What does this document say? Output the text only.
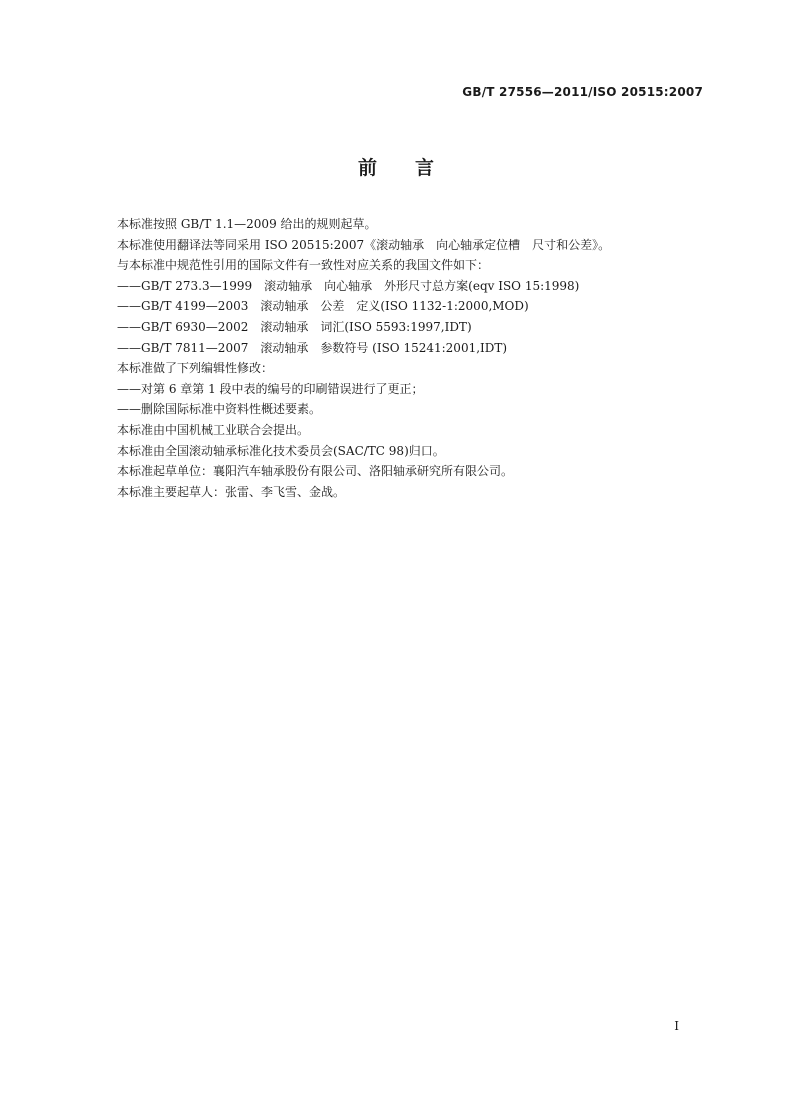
GB/T 27556—2011/ISO 20515:2007
前言
本标准按照 GB/T 1.1—2009 给出的规则起草。
本标准使用翻译法等同采用 ISO 20515:2007《滚动轴承　向心轴承定位槽　尺寸和公差》。
与本标准中规范性引用的国际文件有一致性对应关系的我国文件如下：
——GB/T 273.3—1999　滚动轴承　向心轴承　外形尺寸总方案(eqv ISO 15:1998)
——GB/T 4199—2003　滚动轴承　公差　定义(ISO 1132-1:2000,MOD)
——GB/T 6930—2002　滚动轴承　词汇(ISO 5593:1997,IDT)
——GB/T 7811—2007　滚动轴承　参数符号 (ISO 15241:2001,IDT)
本标准做了下列编辑性修改：
——对第 6 章第 1 段中表的编号的印刷错误进行了更正；
——删除国际标准中资料性概述要素。
本标准由中国机械工业联合会提出。
本标准由全国滚动轴承标准化技术委员会(SAC/TC 98)归口。
本标准起草单位：襄阳汽车轴承股份有限公司、洛阳轴承研究所有限公司。
本标准主要起草人：张雷、李飞雪、金战。
I
